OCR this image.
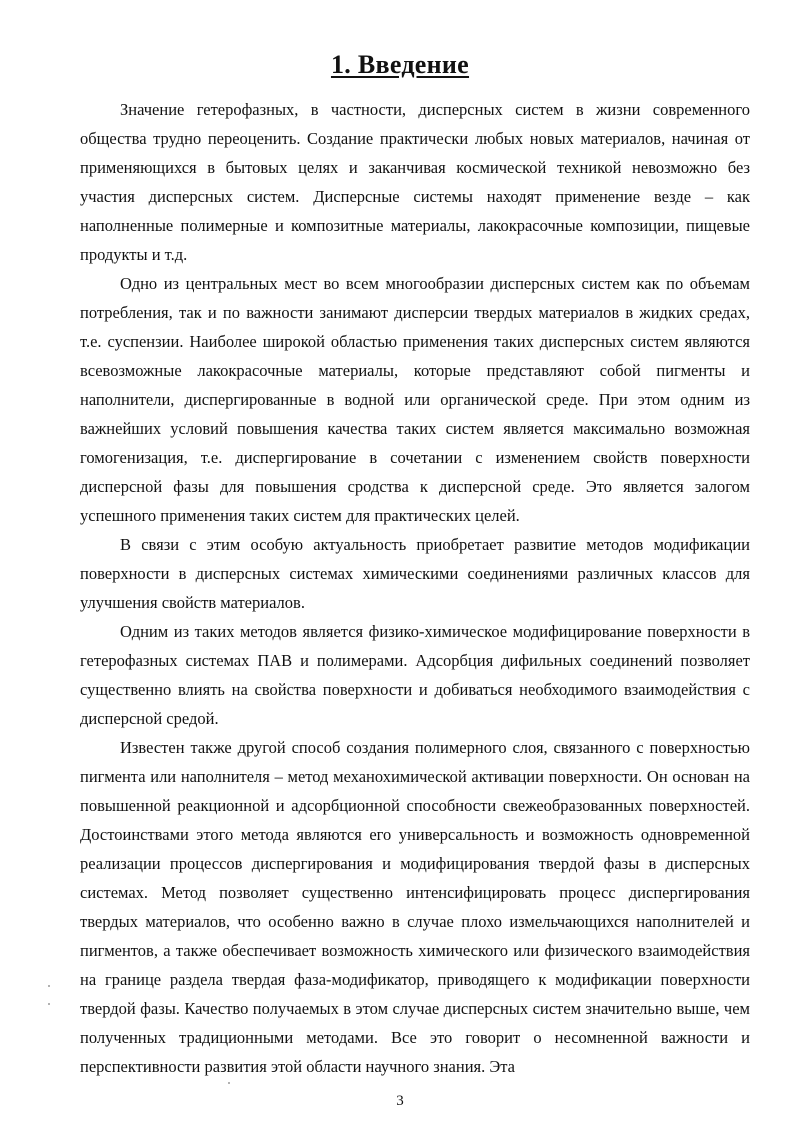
1. Введение

Значение гетерофазных, в частности, дисперсных систем в жизни современного общества трудно переоценить. Создание практически любых новых материалов, начиная от применяющихся в бытовых целях и заканчивая космической техникой невозможно без участия дисперсных систем. Дисперсные системы находят применение везде – как наполненные полимерные и композитные материалы, лакокрасочные композиции, пищевые продукты и т.д.

Одно из центральных мест во всем многообразии дисперсных систем как по объемам потребления, так и по важности занимают дисперсии твердых материалов в жидких средах, т.е. суспензии. Наиболее широкой областью применения таких дисперсных систем являются всевозможные лакокрасочные материалы, которые представляют собой пигменты и наполнители, диспергированные в водной или органической среде. При этом одним из важнейших условий повышения качества таких систем является максимально возможная гомогенизация, т.е. диспергирование в сочетании с изменением свойств поверхности дисперсной фазы для повышения сродства к дисперсной среде. Это является залогом успешного применения таких систем для практических целей.

В связи с этим особую актуальность приобретает развитие методов модификации поверхности в дисперсных системах химическими соединениями различных классов для улучшения свойств материалов.

Одним из таких методов является физико-химическое модифицирование поверхности в гетерофазных системах ПАВ и полимерами. Адсорбция дифильных соединений позволяет существенно влиять на свойства поверхности и добиваться необходимого взаимодействия с дисперсной средой.

Известен также другой способ создания полимерного слоя, связанного с поверхностью пигмента или наполнителя – метод механохимической активации поверхности. Он основан на повышенной реакционной и адсорбционной способности свежеобразованных поверхностей. Достоинствами этого метода являются его универсальность и возможность одновременной реализации процессов диспергирования и модифицирования твердой фазы в дисперсных системах. Метод позволяет существенно интенсифицировать процесс диспергирования твердых материалов, что особенно важно в случае плохо измельчающихся наполнителей и пигментов, а также обеспечивает возможность химического или физического взаимодействия на границе раздела твердая фаза-модификатор, приводящего к модификации поверхности твердой фазы. Качество получаемых в этом случае дисперсных систем значительно выше, чем полученных традиционными методами. Все это говорит о несомненной важности и перспективности развития этой области научного знания. Эта

3
